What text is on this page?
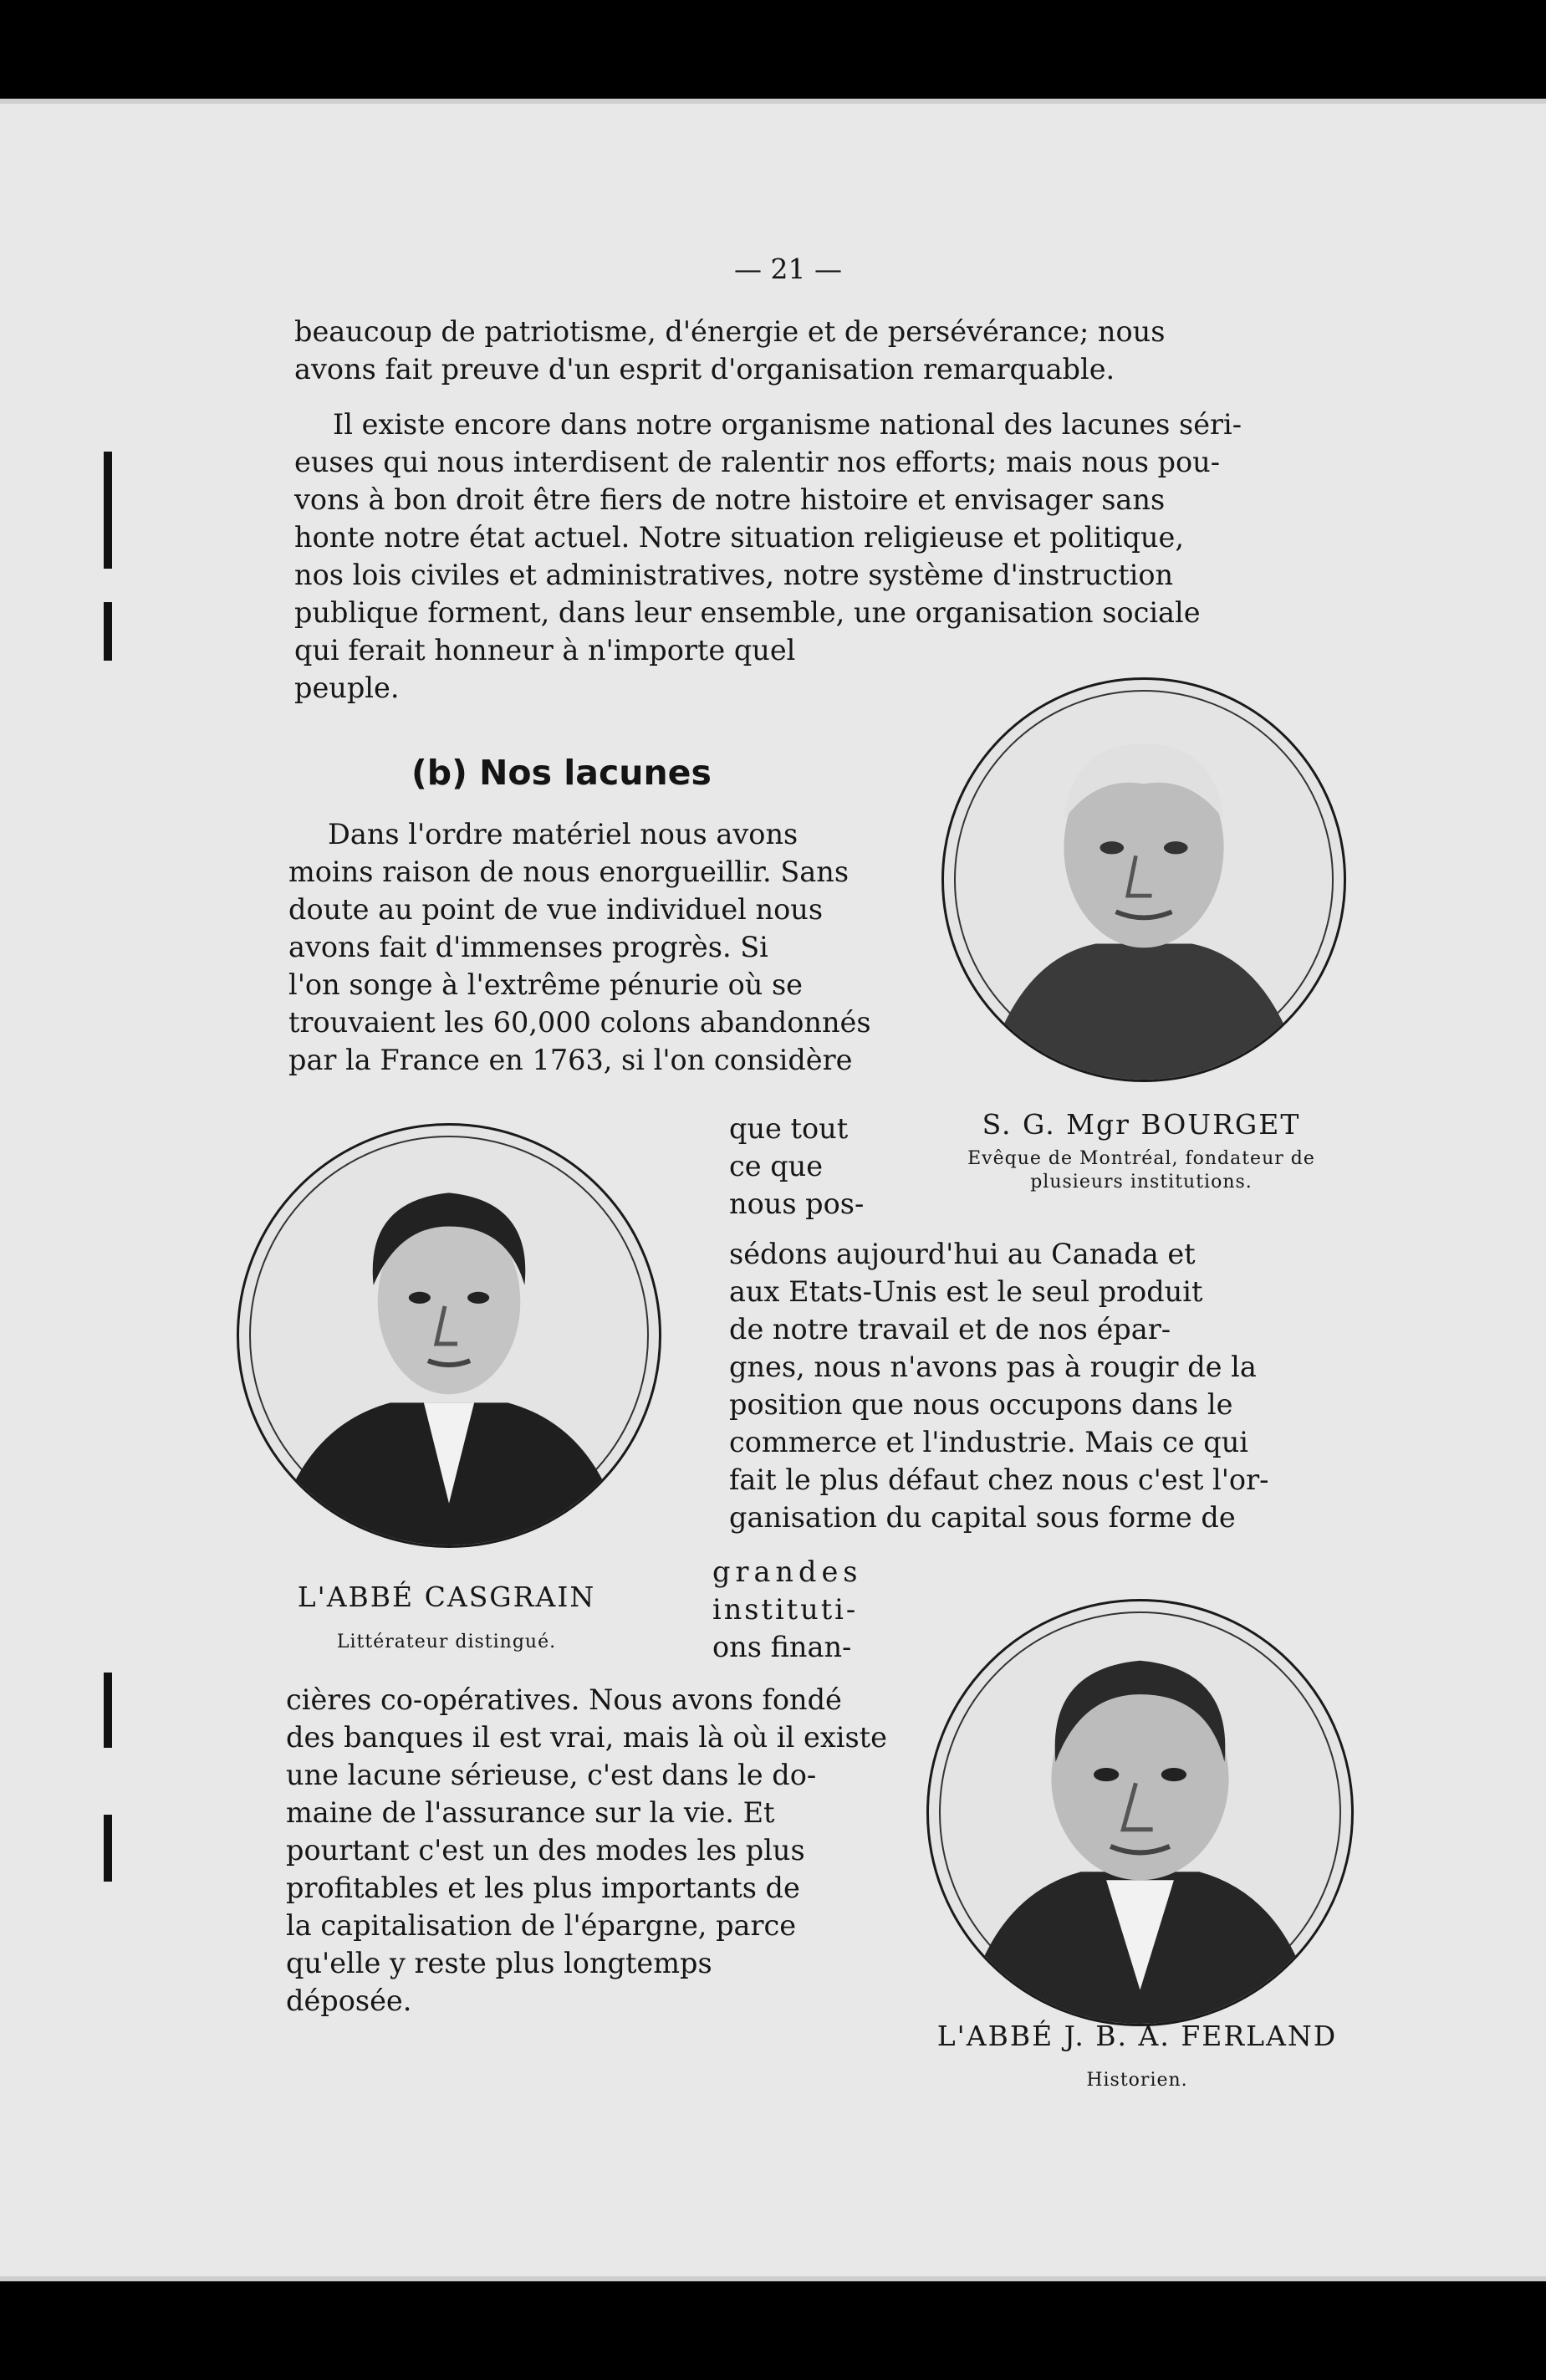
— 21 —
beaucoup de patriotisme, d'énergie et de persévérance; nous
avons fait preuve d'un esprit d'organisation remarquable.
Il existe encore dans notre organisme national des lacunes séri-
euses qui nous interdisent de ralentir nos efforts; mais nous pou-
vons à bon droit être fiers de notre histoire et envisager sans
honte notre état actuel. Notre situation religieuse et politique,
nos lois civiles et administratives, notre système d'instruction
publique forment, dans leur ensemble, une organisation sociale
qui ferait honneur à n'importe quel
peuple.
(b) Nos lacunes
Dans l'ordre matériel nous avons
moins raison de nous enorgueillir. Sans
doute au point de vue individuel nous
avons fait d'immenses progrès. Si
l'on songe à l'extrême pénurie où se
trouvaient les 60,000 colons abandonnés
par la France en 1763, si l'on considère
que tout
ce que
nous pos-
sédons aujourd'hui au Canada et
aux Etats-Unis est le seul produit
de notre travail et de nos épar-
gnes, nous n'avons pas à rougir de la
position que nous occupons dans le
commerce et l'industrie. Mais ce qui
fait le plus défaut chez nous c'est l'or-
ganisation du capital sous forme de
grandes
instituti-
ons finan-
cières co-opératives. Nous avons fondé
des banques il est vrai, mais là où il existe
une lacune sérieuse, c'est dans le do-
maine de l'assurance sur la vie. Et
pourtant c'est un des modes les plus
profitables et les plus importants de
la capitalisation de l'épargne, parce
qu'elle y reste plus longtemps
déposée.
S. G. Mgr BOURGET
Evêque de Montréal, fondateur de
plusieurs institutions.
L'ABBÉ CASGRAIN
Littérateur distingué.
L'ABBÉ J. B. A. FERLAND
Historien.
